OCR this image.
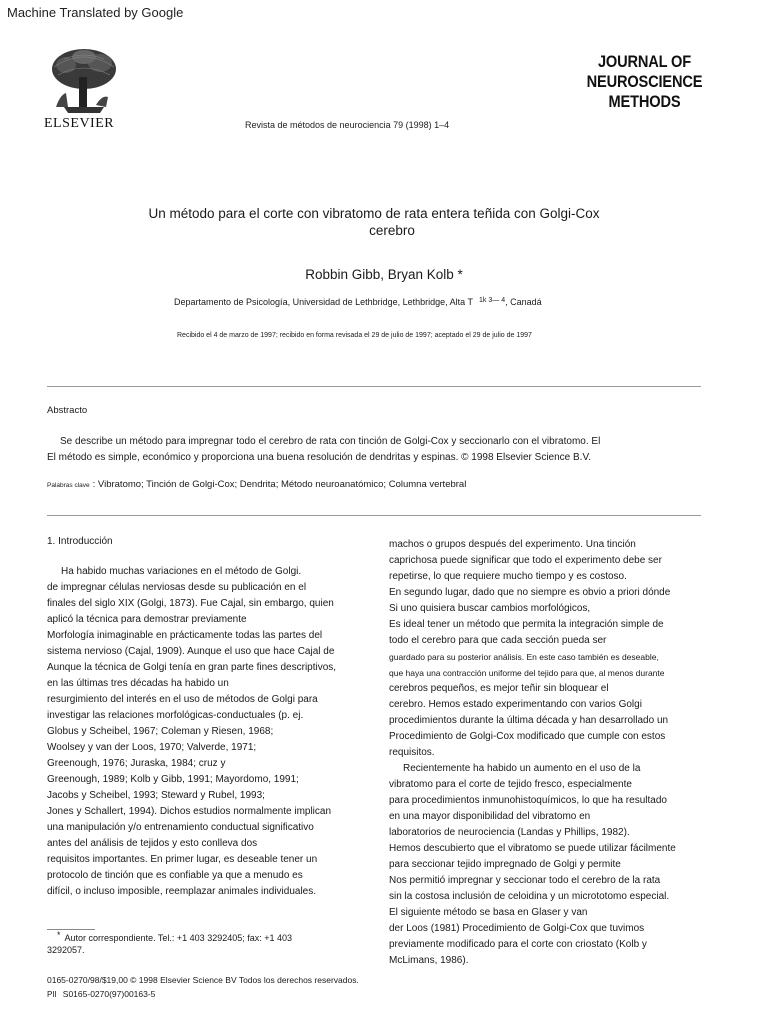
Machine Translated by Google
ELSEVIER	Revista de métodos de neurociencia 79 (1998) 1–4
JOURNAL OF
NEUROSCIENCE
METHODS
Un método para el corte con vibratomo de rata entera teñida con Golgi-Cox
cerebro
Robbin Gibb, Bryan Kolb *
Departamento de Psicología, Universidad de Lethbridge, Lethbridge, Alta T $^{1k 3— 4}$, Canadá
Recibido el 4 de marzo de 1997; recibido en forma revisada el 29 de julio de 1997; aceptado el 29 de julio de 1997
Abstracto
Se describe un método para impregnar todo el cerebro de rata con tinción de Golgi-Cox y seccionarlo con el vibratomo. El
El método es simple, económico y proporciona una buena resolución de dendritas y espinas. © 1998 Elsevier Science B.V.
Palabras clave : Vibratomo; Tinción de Golgi-Cox; Dendrita; Método neuroanatómico; Columna vertebral

1. Introducción

Ha habido muchas variaciones en el método de Golgi.

de impregnar células nerviosas desde su publicación en el

finales del siglo XIX (Golgi, 1873). Fue Cajal, sin embargo, quien

aplicó la técnica para demostrar previamente

Morfología inimaginable en prácticamente todas las partes del

sistema nervioso (Cajal, 1909). Aunque el uso que hace Cajal de

Aunque la técnica de Golgi tenía en gran parte fines descriptivos,

en las últimas tres décadas ha habido un

resurgimiento del interés en el uso de métodos de Golgi para

investigar las relaciones morfológicas-conductuales (p. ej.

Globus y Scheibel, 1967; Coleman y Riesen, 1968;

Woolsey y van der Loos, 1970; Valverde, 1971;

Greenough, 1976; Juraska, 1984; cruz y

Greenough, 1989; Kolb y Gibb, 1991; Mayordomo, 1991;

Jacobs y Scheibel, 1993; Steward y Rubel, 1993;

Jones y Schallert, 1994). Dichos estudios normalmente implican

una manipulación y/o entrenamiento conductual significativo

antes del análisis de tejidos y esto conlleva dos

requisitos importantes. En primer lugar, es deseable tener un

protocolo de tinción que es confiable ya que a menudo es

difícil, o incluso imposible, reemplazar animales individuales.

machos o grupos después del experimento. Una tinción

caprichosa puede significar que todo el experimento debe ser

repetirse, lo que requiere mucho tiempo y es costoso.

En segundo lugar, dado que no siempre es obvio a priori dónde

Si uno quisiera buscar cambios morfológicos,

Es ideal tener un método que permita la integración simple de

todo el cerebro para que cada sección pueda ser

guardado para su posterior análisis. En este caso también es deseable,

que haya una contracción uniforme del tejido para que, al menos durante

cerebros pequeños, es mejor teñir sin bloquear el

cerebro. Hemos estado experimentando con varios Golgi

procedimientos durante la última década y han desarrollado un

Procedimiento de Golgi-Cox modificado que cumple con estos

requisitos.

Recientemente ha habido un aumento en el uso de la

vibratomo para el corte de tejido fresco, especialmente

para procedimientos inmunohistoquímicos, lo que ha resultado

en una mayor disponibilidad del vibratomo en

laboratorios de neurociencia (Landas y Phillips, 1982).

Hemos descubierto que el vibratomo se puede utilizar fácilmente

para seccionar tejido impregnado de Golgi y permite

Nos permitió impregnar y seccionar todo el cerebro de la rata

sin la costosa inclusión de celoidina y un micrototomo especial.

El siguiente método se basa en Glaser y van

der Loos (1981) Procedimiento de Golgi-Cox que tuvimos

previamente modificado para el corte con criostato (Kolb y

McLimans, 1986).

* Autor correspondiente. Tel.: +1 403 3292405; fax: +1 403
3292057.
0165-0270/98/$19,00 © 1998 Elsevier Science BV Todos los derechos reservados.
PII S0165-0270(97)00163-5
